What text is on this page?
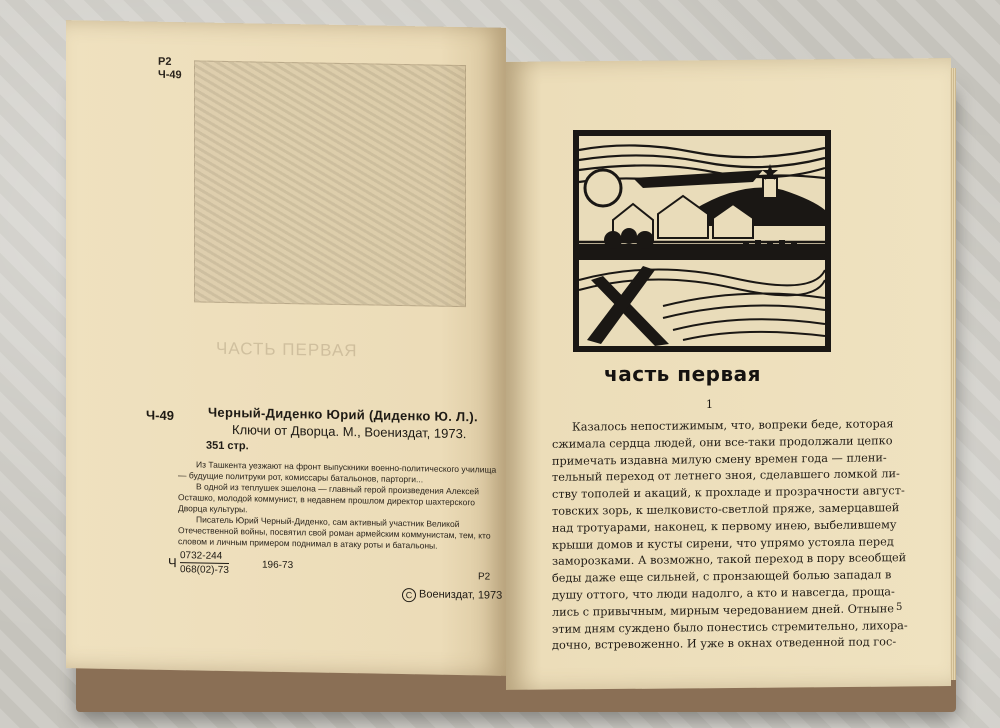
Р2
Ч-49
ЧАСТЬ ПЕРВАЯ
Ч-49	Черный-Диденко Юрий (Диденко Ю. Л.).
Ключи от Дворца. М., Воениздат, 1973.
351 стр.

Из Ташкента уезжают на фронт выпускники военно-политического училища — будущие политруки рот, комиссары батальонов, парторги...

В одной из теплушек эшелона — главный герой произведения Алексей Осташко, молодой коммунист, в недавнем прошлом директор шахтерского Дворца культуры.

Писатель Юрий Черный-Диденко, сам активный участник Великой Отечественной войны, посвятил свой роман армейским коммунистам, тем, кто словом и личным примером поднимал в атаку роты и батальоны.

Ч $\frac{0732-244}{068(02)-73}$	196-73
Р2
C Воениздат, 1973
часть первая
1
Казалось непостижимым, что, вопреки беде, которая
сжимала сердца людей, они все-таки продолжали цепко
примечать издавна милую смену времен года — плени-
тельный переход от летнего зноя, сделавшего ломкой ли-
ству тополей и акаций, к прохладе и прозрачности август-
товских зорь, к шелковисто-светлой пряже, замерцавшей
над тротуарами, наконец, к первому инею, выбелившему
крыши домов и кусты сирени, что упрямо устояла перед
заморозками. А возможно, такой переход в пору всеобщей
беды даже еще сильней, с пронзающей болью западал в
душу оттого, что люди надолго, а кто и навсегда, проща-
лись с привычным, мирным чередованием дней. Отныне
этим дням суждено было понестись стремительно, лихора-
дочно, встревоженно. И уже в окнах отведенной под гос-
5
